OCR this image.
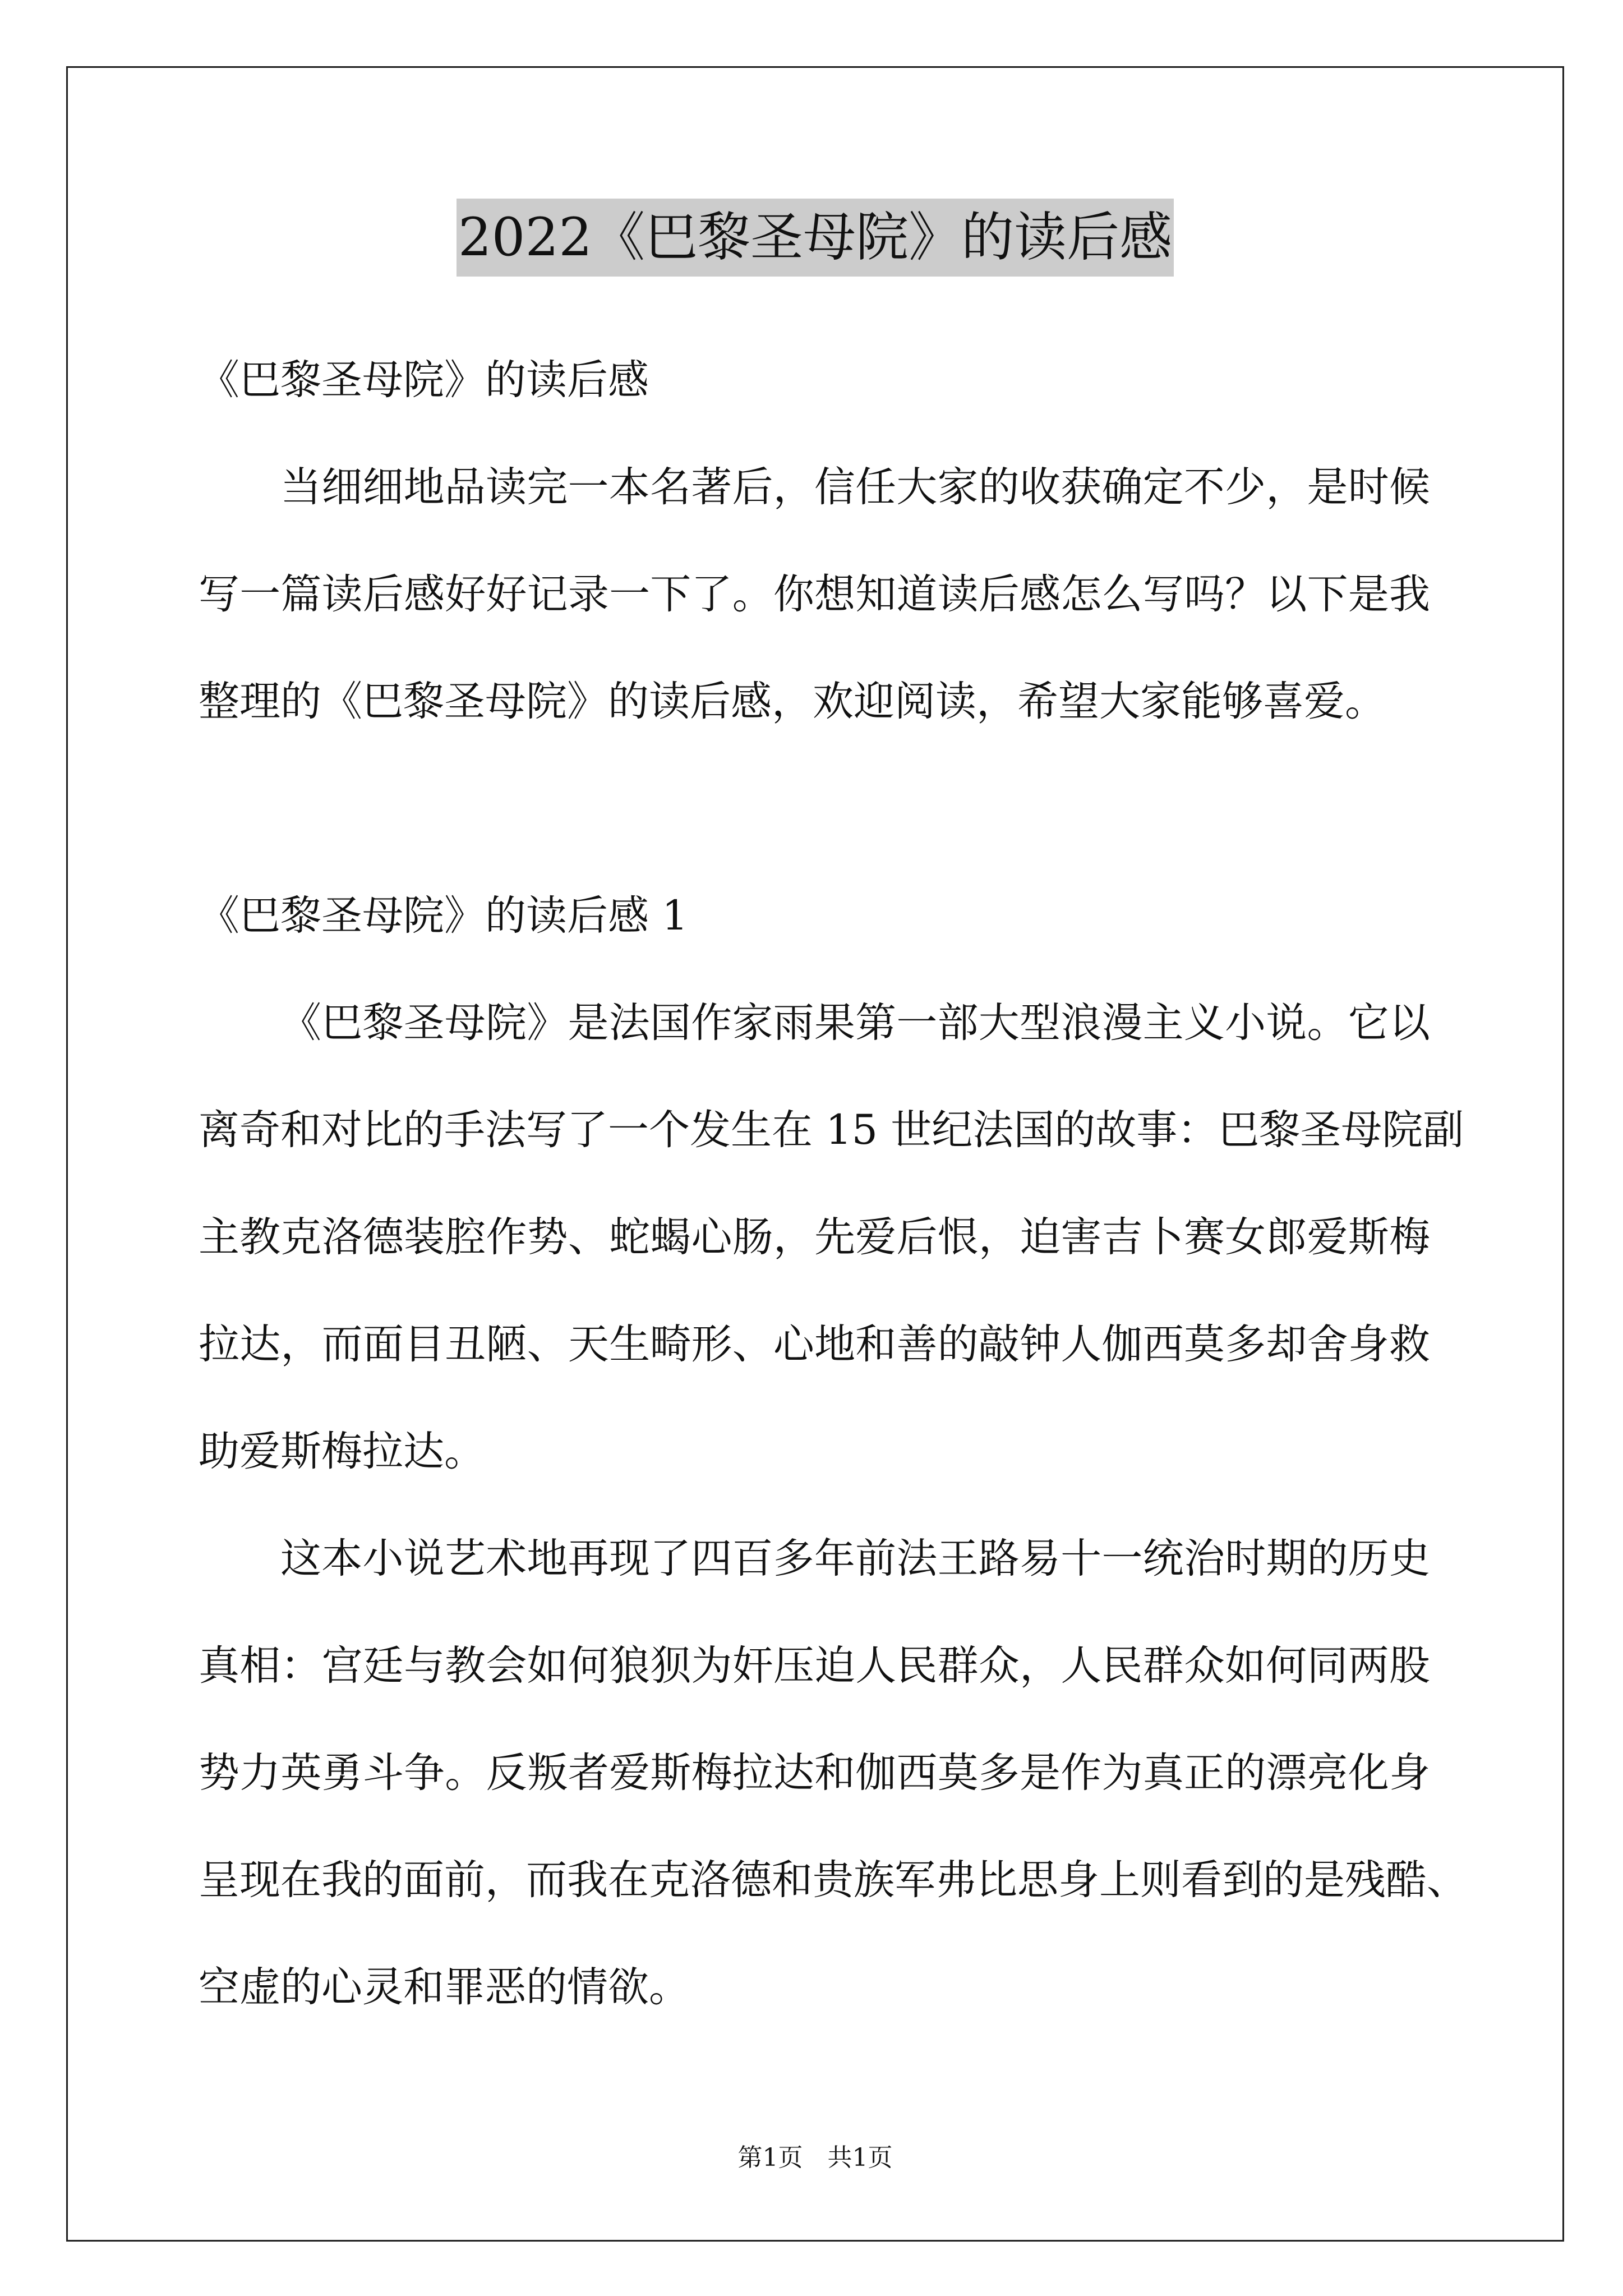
2022《巴黎圣母院》的读后感
《巴黎圣母院》的读后感
当细细地品读完一本名著后，信任大家的收获确定不少，是时候
写一篇读后感好好记录一下了。你想知道读后感怎么写吗？以下是我
整理的《巴黎圣母院》的读后感，欢迎阅读，希望大家能够喜爱。
《巴黎圣母院》的读后感 1
《巴黎圣母院》是法国作家雨果第一部大型浪漫主义小说。它以
离奇和对比的手法写了一个发生在 15 世纪法国的故事：巴黎圣母院副
主教克洛德装腔作势、蛇蝎心肠，先爱后恨，迫害吉卜赛女郎爱斯梅
拉达，而面目丑陋、天生畸形、心地和善的敲钟人伽西莫多却舍身救
助爱斯梅拉达。
这本小说艺术地再现了四百多年前法王路易十一统治时期的历史
真相：宫廷与教会如何狼狈为奸压迫人民群众，人民群众如何同两股
势力英勇斗争。反叛者爱斯梅拉达和伽西莫多是作为真正的漂亮化身
呈现在我的面前，而我在克洛德和贵族军弗比思身上则看到的是残酷、
空虚的心灵和罪恶的情欲。
第1页　共1页
